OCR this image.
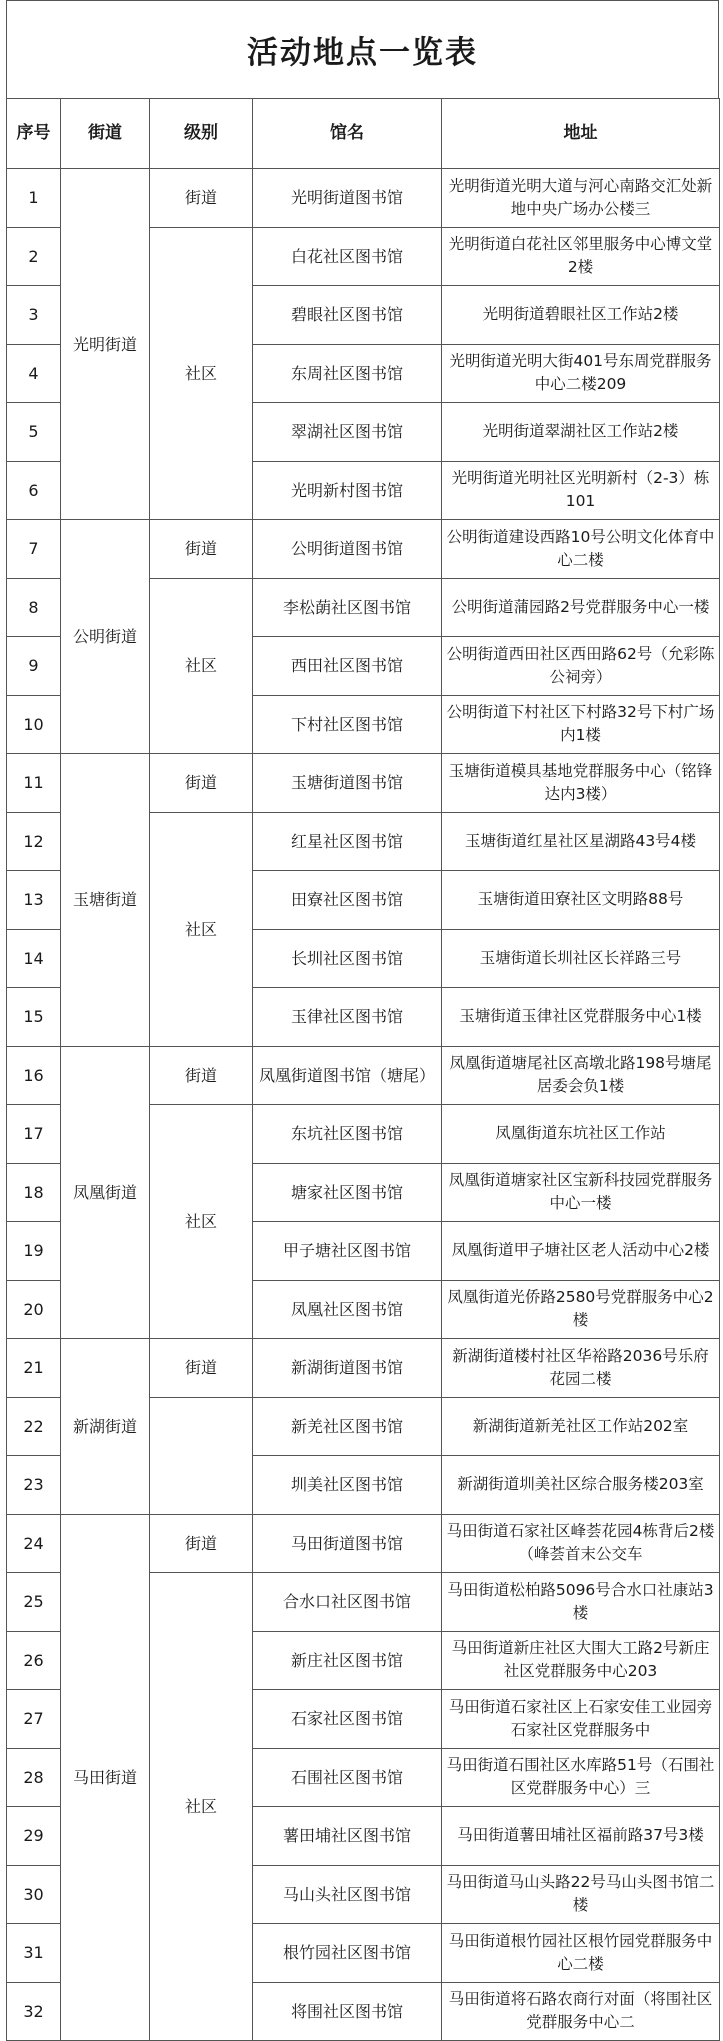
活动地点一览表
序号	街道	级别	馆名	地址
1	光明街道	街道	光明街道图书馆	光明街道光明大道与河心南路交汇处新地中央广场办公楼三
2		社区	白花社区图书馆	光明街道白花社区邻里服务中心博文堂2楼
3			碧眼社区图书馆	光明街道碧眼社区工作站2楼
4			东周社区图书馆	光明街道光明大街401号东周党群服务中心二楼209
5			翠湖社区图书馆	光明街道翠湖社区工作站2楼
6			光明新村图书馆	光明街道光明社区光明新村（2-3）栋101
7	公明街道	街道	公明街道图书馆	公明街道建设西路10号公明文化体育中心二楼
8		社区	李松蓢社区图书馆	公明街道蒲园路2号党群服务中心一楼
9			西田社区图书馆	公明街道西田社区西田路62号（允彩陈公祠旁）
10			下村社区图书馆	公明街道下村社区下村路32号下村广场内1楼
11	玉塘街道	街道	玉塘街道图书馆	玉塘街道模具基地党群服务中心（铭锋达内3楼）
12		社区	红星社区图书馆	玉塘街道红星社区星湖路43号4楼
13			田寮社区图书馆	玉塘街道田寮社区文明路88号
14			长圳社区图书馆	玉塘街道长圳社区长祥路三号
15			玉律社区图书馆	玉塘街道玉律社区党群服务中心1楼
16	凤凰街道	街道	凤凰街道图书馆（塘尾）	凤凰街道塘尾社区高墩北路198号塘尾居委会负1楼
17		社区	东坑社区图书馆	凤凰街道东坑社区工作站
18			塘家社区图书馆	凤凰街道塘家社区宝新科技园党群服务中心一楼
19			甲子塘社区图书馆	凤凰街道甲子塘社区老人活动中心2楼
20			凤凰社区图书馆	凤凰街道光侨路2580号党群服务中心2楼
21	新湖街道	街道	新湖街道图书馆	新湖街道楼村社区华裕路2036号乐府花园二楼
22			新羌社区图书馆	新湖街道新羌社区工作站202室
23			圳美社区图书馆	新湖街道圳美社区综合服务楼203室
24	马田街道	街道	马田街道图书馆	马田街道石家社区峰荟花园4栋背后2楼（峰荟首末公交车
25		社区	合水口社区图书馆	马田街道松柏路5096号合水口社康站3楼
26			新庄社区图书馆	马田街道新庄社区大围大工路2号新庄社区党群服务中心203
27			石家社区图书馆	马田街道石家社区上石家安佳工业园旁石家社区党群服务中
28			石围社区图书馆	马田街道石围社区水库路51号（石围社区党群服务中心）三
29			薯田埔社区图书馆	马田街道薯田埔社区福前路37号3楼
30			马山头社区图书馆	马田街道马山头路22号马山头图书馆二楼
31			根竹园社区图书馆	马田街道根竹园社区根竹园党群服务中心二楼
32			将围社区图书馆	马田街道将石路农商行对面（将围社区党群服务中心二
